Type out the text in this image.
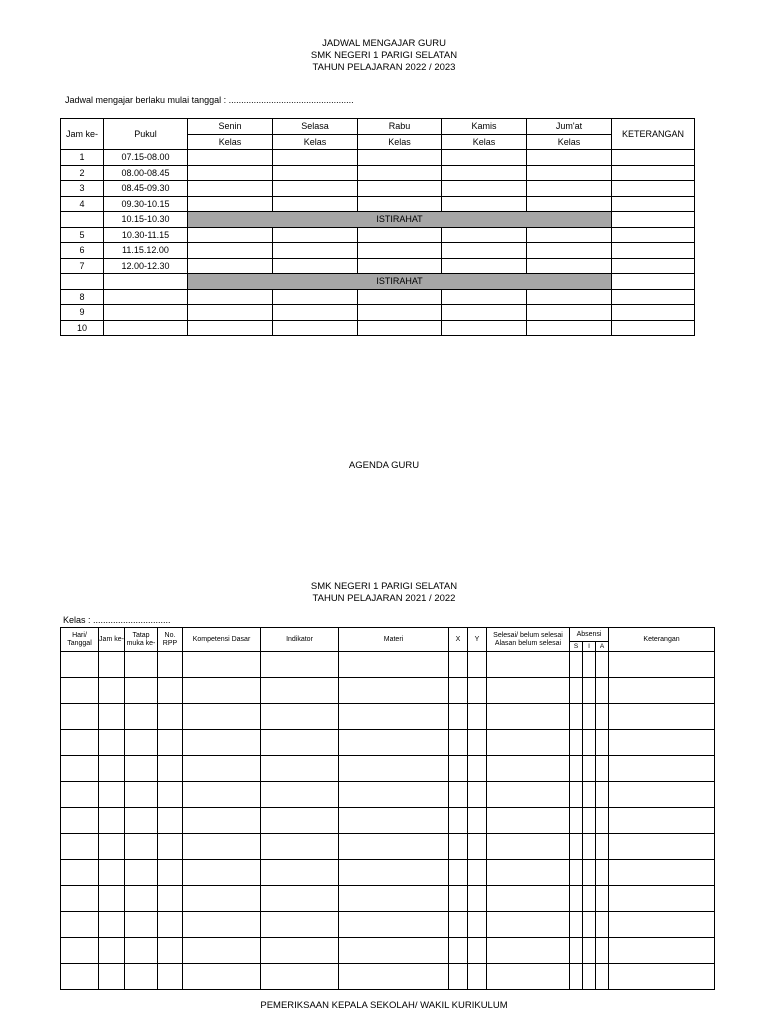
JADWAL MENGAJAR GURU
SMK NEGERI 1 PARIGI SELATAN
TAHUN PELAJARAN 2022 / 2023
Jadwal mengajar berlaku mulai tanggal : ..................................................
Jam ke-	Pukul	Senin	Selasa	Rabu	Kamis	Jum'at	KETERANGAN
		Kelas	Kelas	Kelas	Kelas	Kelas	
1	07.15-08.00						
2	08.00-08.45						
3	08.45-09.30						
4	09.30-10.15						
	10.15-10.30	ISTIRAHAT					
5	10.30-11.15						
6	11.15.12.00						
7	12.00-12.30						
		ISTIRAHAT					
8							
9							
10							
AGENDA GURU
SMK NEGERI 1 PARIGI SELATAN
TAHUN PELAJARAN 2021 / 2022
Kelas : ...............................
Hari/ Tanggal	Jam ke-	Tatap muka ke-	No. RPP	Kompetensi Dasar	Indikator	Materi	X	Y	Selesai/ belum selesai Alasan belum selesai	Absensi			Keterangan
										S	I	A	

PEMERIKSAAN KEPALA SEKOLAH/ WAKIL KURIKULUM
